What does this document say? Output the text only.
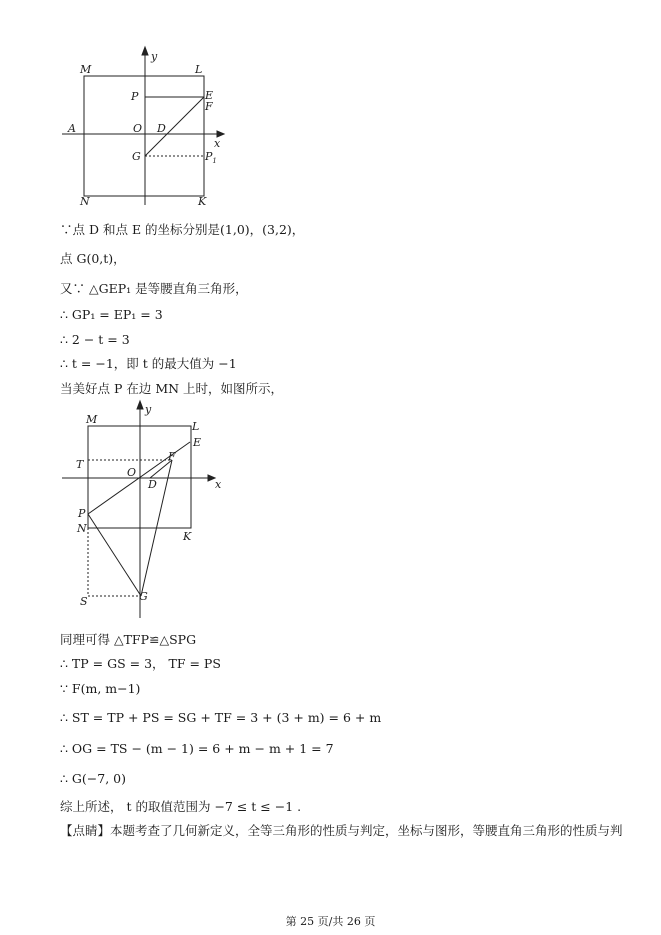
M	L
y
P	E
F
A	O D
x
G	$P_1$
N	K
∵点 D 和点 E 的坐标分别是(1,0)，(3,2)，
点 G(0,t)，
又∵ △GEP₁ 是等腰直角三角形，
∴ GP₁ = EP₁ = 3
∴ 2 − t = 3
∴ t = −1，即 t 的最大值为 −1
当美好点 P 在边 MN 上时，如图所示，
M
y
L
E
T
O
F
D	x
P
N
K
S	G
同理可得 △TFP≌△SPG
∴ TP = GS = 3， TF = PS
∵ F(m, m−1)
∴ ST = TP + PS = SG + TF = 3 + (3 + m) = 6 + m
∴ OG = TS − (m − 1) = 6 + m − m + 1 = 7
∴ G(−7, 0)
综上所述， t 的取值范围为 −7 ≤ t ≤ −1 .
【点睛】本题考查了几何新定义，全等三角形的性质与判定，坐标与图形，等腰直角三角形的性质与判
第 25 页/共 26 页
